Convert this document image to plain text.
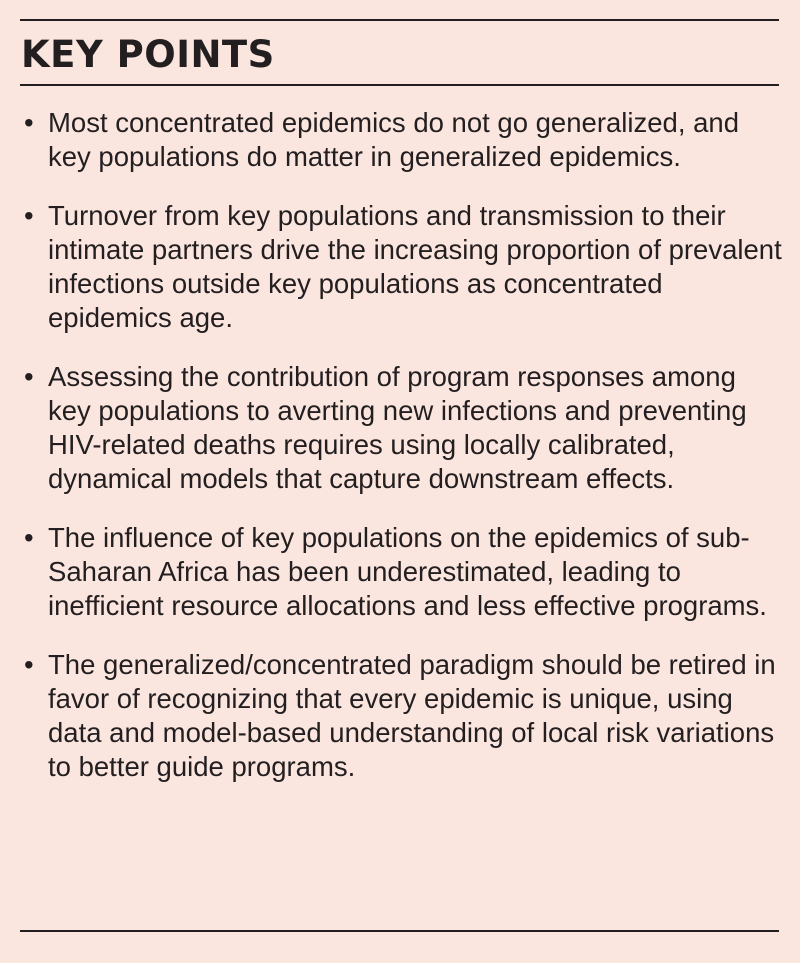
KEY POINTS
• Most concentrated epidemics do not go generalized, and key populations do matter in generalized epidemics.
• Turnover from key populations and transmission to their intimate partners drive the increasing proportion of prevalent infections outside key populations as concentrated epidemics age.
• Assessing the contribution of program responses among key populations to averting new infections and preventing HIV-related deaths requires using locally calibrated, dynamical models that capture downstream effects.
• The influence of key populations on the epidemics of sub-Saharan Africa has been underestimated, leading to inefficient resource allocations and less effective programs.
• The generalized/concentrated paradigm should be retired in favor of recognizing that every epidemic is unique, using data and model-based understanding of local risk variations to better guide programs.
